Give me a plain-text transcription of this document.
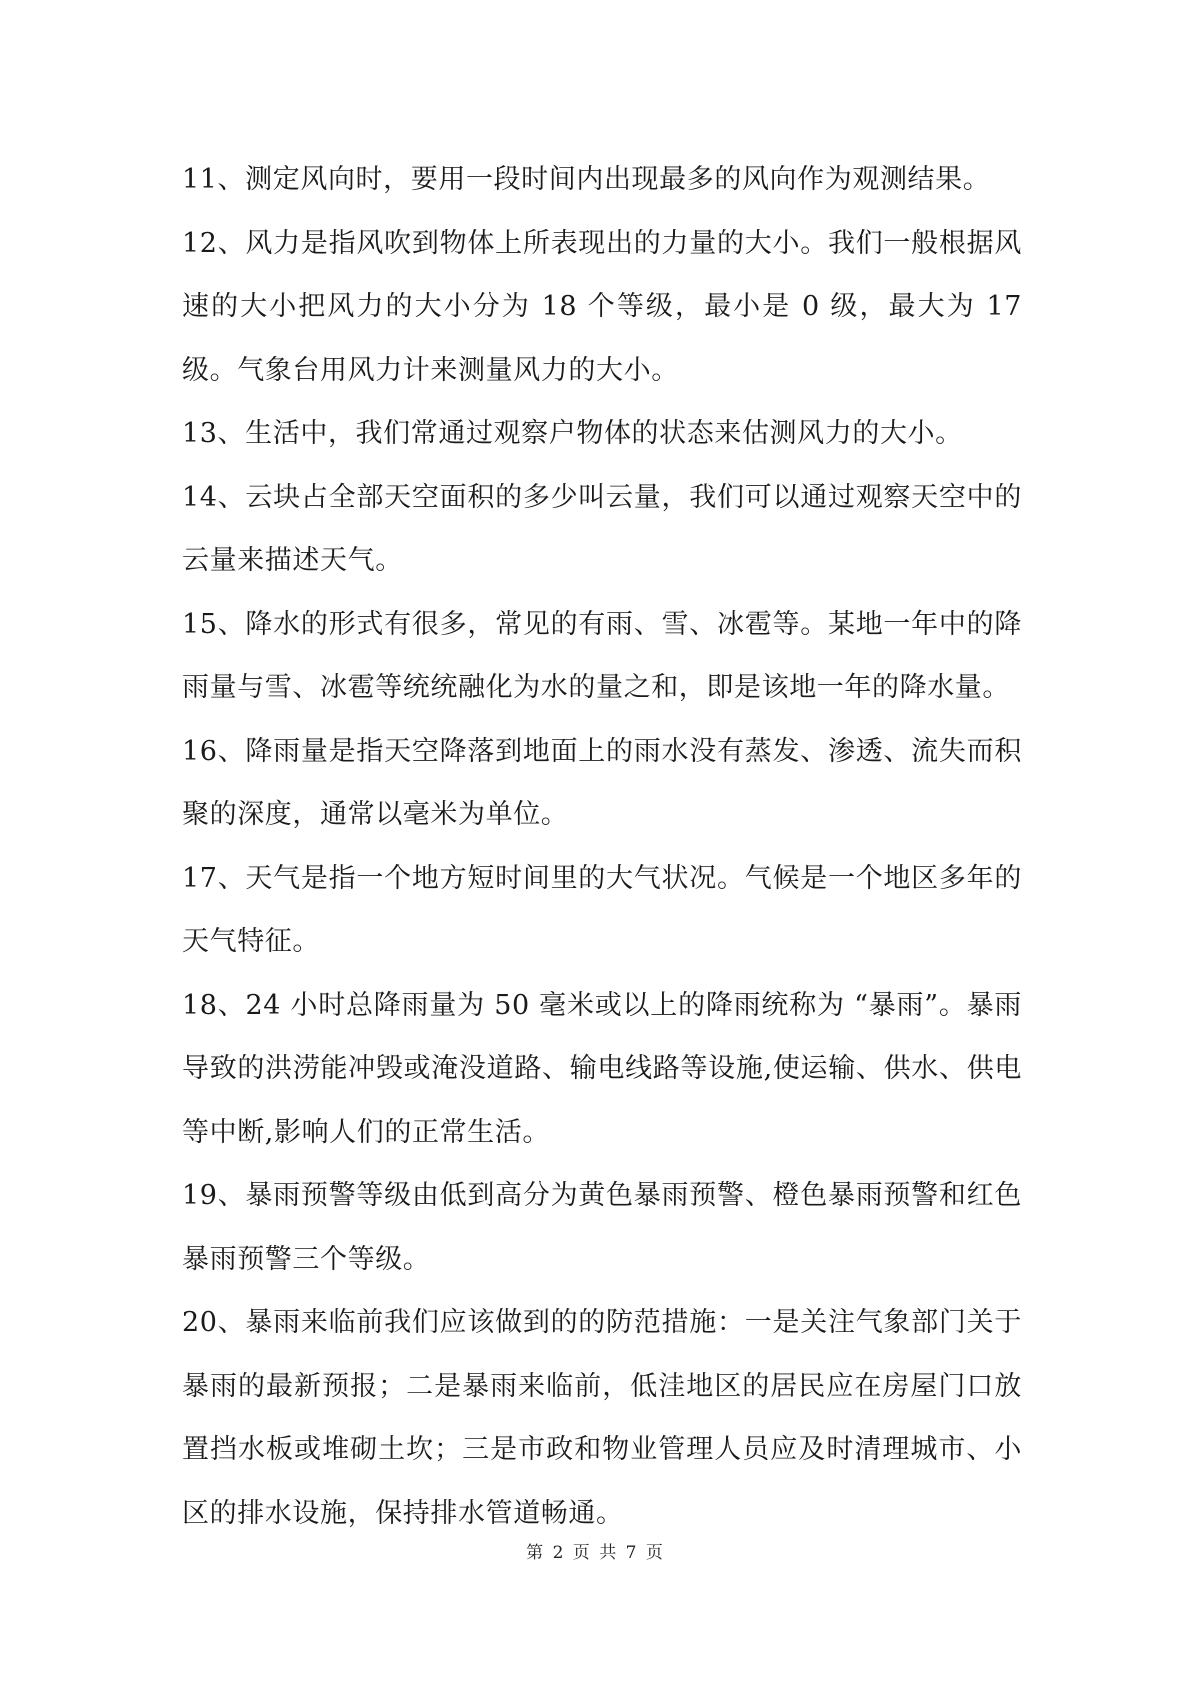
11、测定风向时，要用一段时间内出现最多的风向作为观测结果。

12、风力是指风吹到物体上所表现出的力量的大小。我们一般根据风速的大小把风力的大小分为 18 个等级，最小是 0 级，最大为 17 级。气象台用风力计来测量风力的大小。

13、生活中，我们常通过观察户物体的状态来估测风力的大小。

14、云块占全部天空面积的多少叫云量，我们可以通过观察天空中的云量来描述天气。

15、降水的形式有很多，常见的有雨、雪、冰雹等。某地一年中的降雨量与雪、冰雹等统统融化为水的量之和，即是该地一年的降水量。

16、降雨量是指天空降落到地面上的雨水没有蒸发、渗透、流失而积聚的深度，通常以毫米为单位。

17、天气是指一个地方短时间里的大气状况。气候是一个地区多年的天气特征。

18、24 小时总降雨量为 50 毫米或以上的降雨统称为 “暴雨”。暴雨导致的洪涝能冲毁或淹没道路、输电线路等设施,使运输、供水、供电等中断,影响人们的正常生活。

19、暴雨预警等级由低到高分为黄色暴雨预警、橙色暴雨预警和红色暴雨预警三个等级。

20、暴雨来临前我们应该做到的的防范措施：一是关注气象部门关于暴雨的最新预报；二是暴雨来临前，低洼地区的居民应在房屋门口放置挡水板或堆砌土坎；三是市政和物业管理人员应及时清理城市、小区的排水设施，保持排水管道畅通。

第 2 页 共 7 页
